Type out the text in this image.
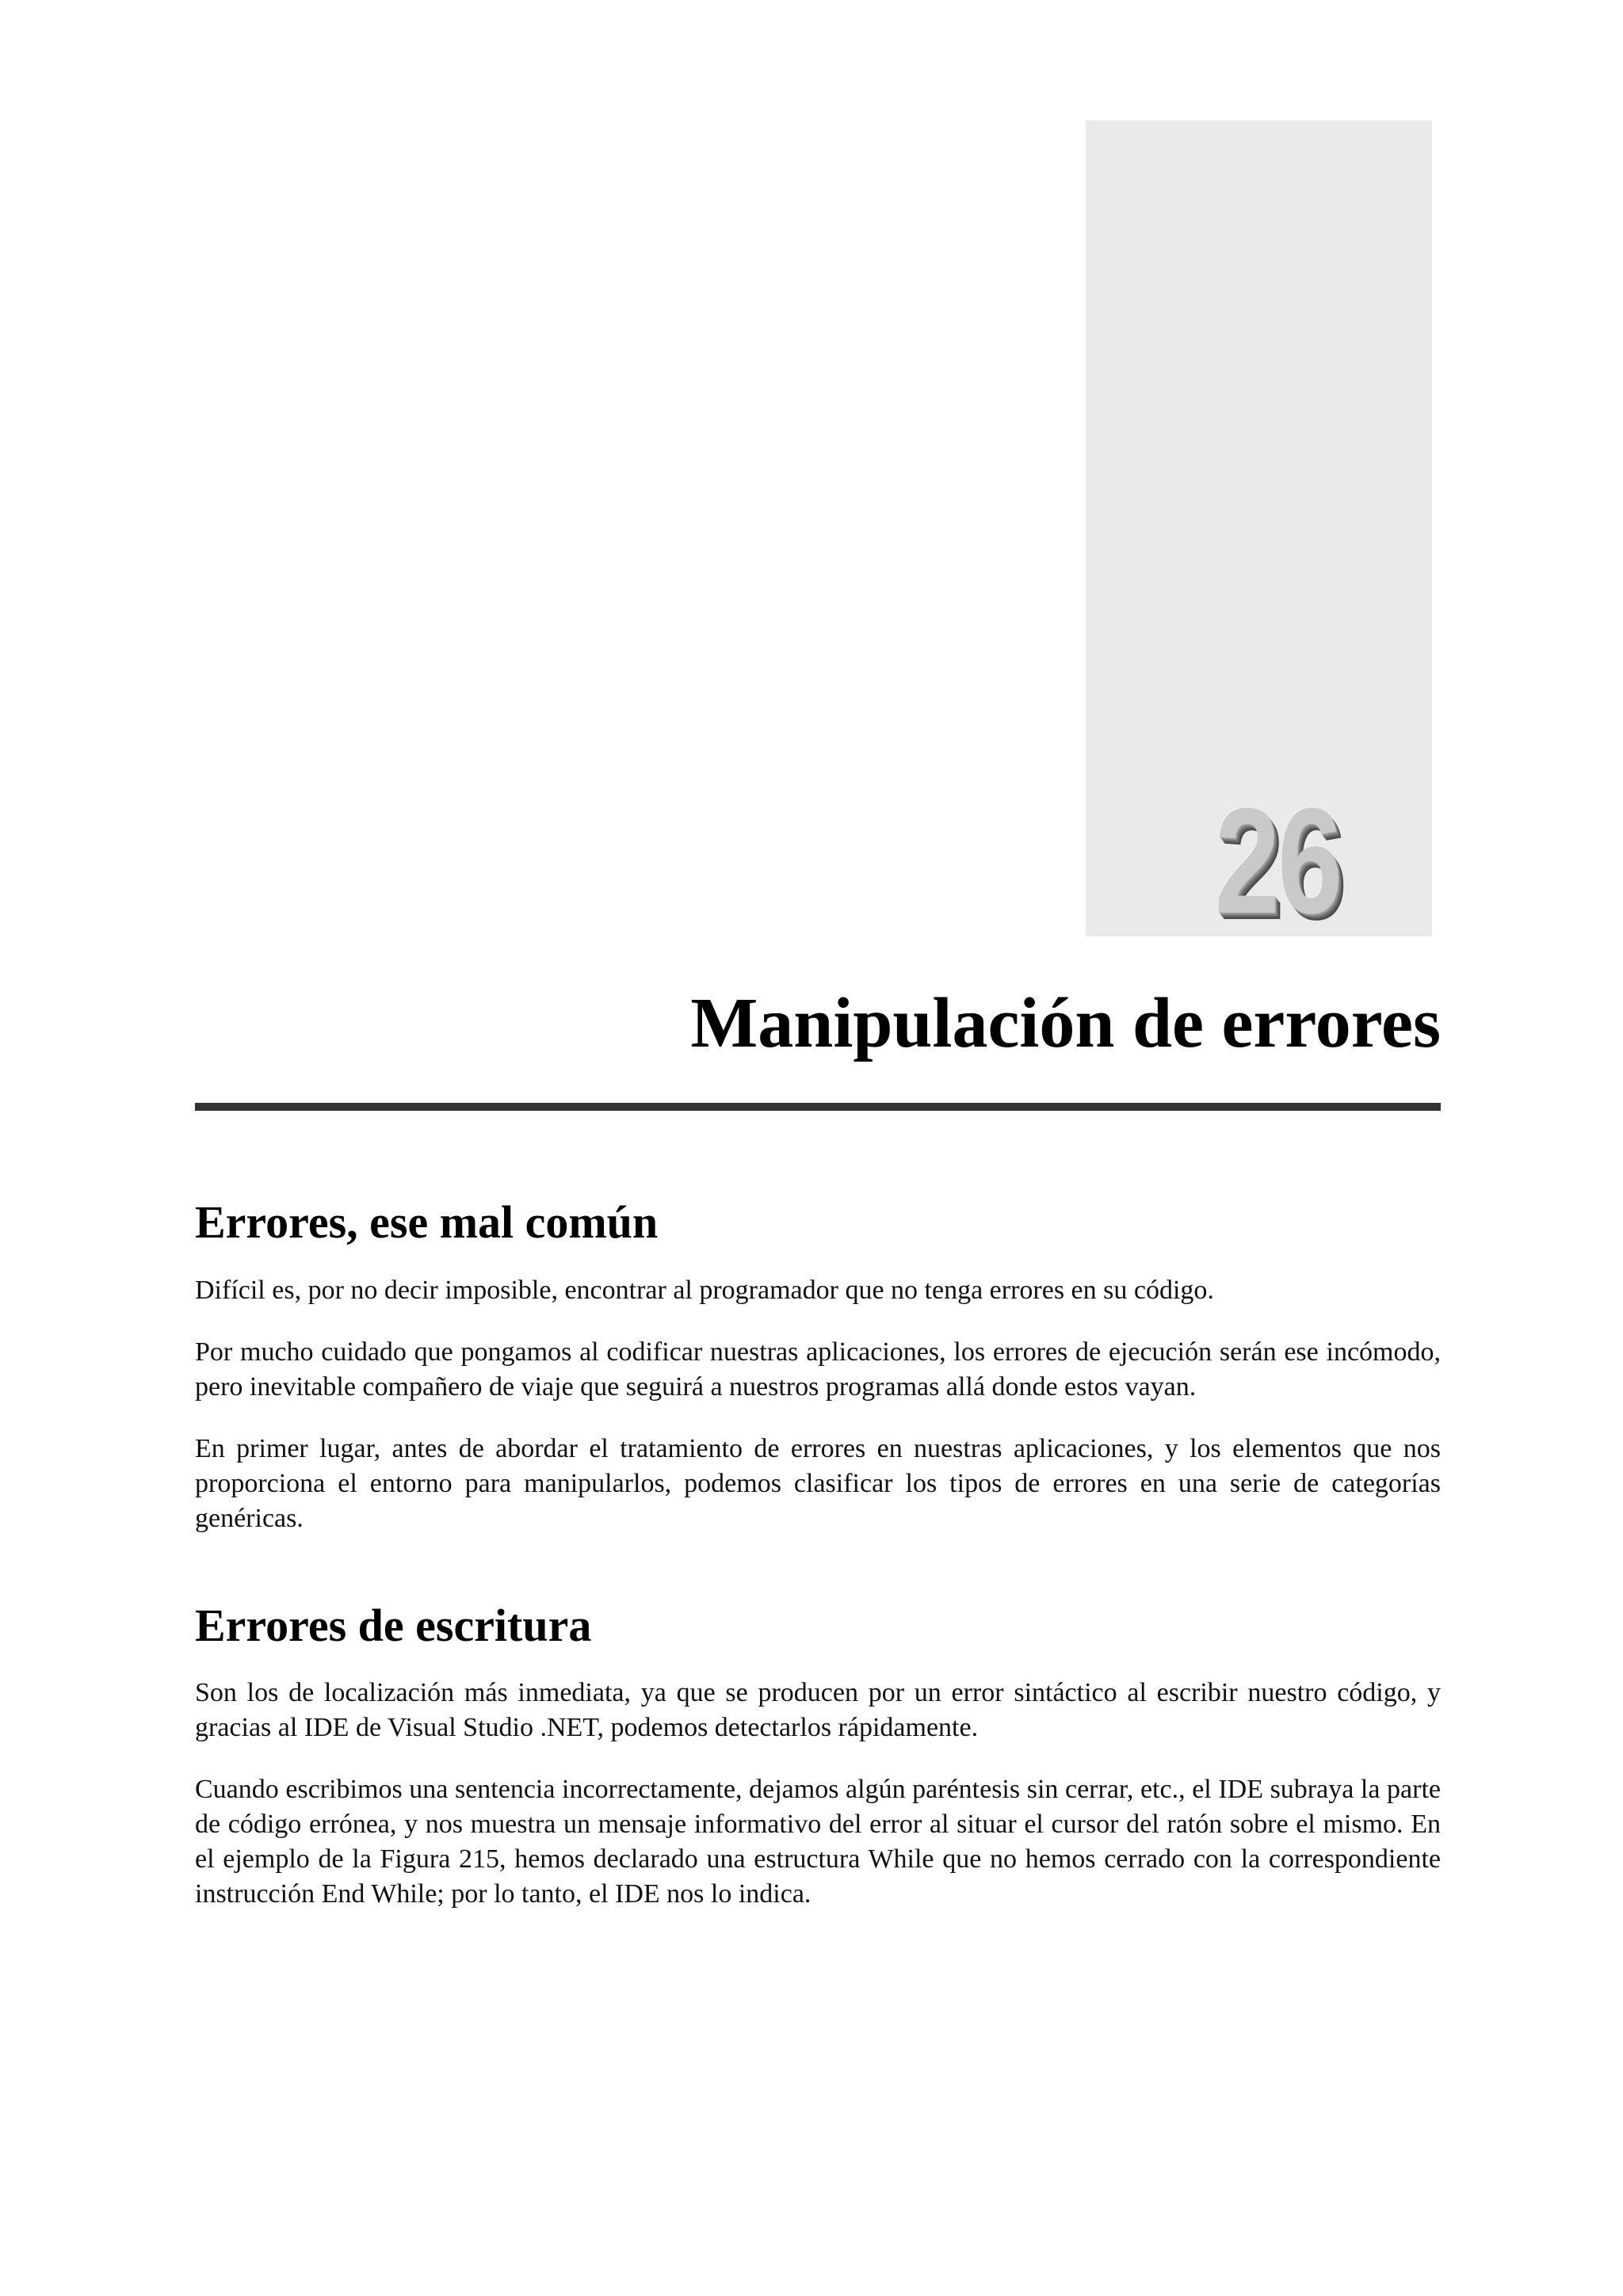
26
Manipulación de errores
Errores, ese mal común

Difícil es, por no decir imposible, encontrar al programador que no tenga errores en su código.

Por mucho cuidado que pongamos al codificar nuestras aplicaciones, los errores de ejecución serán ese incómodo, pero inevitable compañero de viaje que seguirá a nuestros programas allá donde estos vayan.

En primer lugar, antes de abordar el tratamiento de errores en nuestras aplicaciones, y los elementos que nos proporciona el entorno para manipularlos, podemos clasificar los tipos de errores en una serie de categorías genéricas.

Errores de escritura

Son los de localización más inmediata, ya que se producen por un error sintáctico al escribir nuestro código, y gracias al IDE de Visual Studio .NET, podemos detectarlos rápidamente.

Cuando escribimos una sentencia incorrectamente, dejamos algún paréntesis sin cerrar, etc., el IDE subraya la parte de código errónea, y nos muestra un mensaje informativo del error al situar el cursor del ratón sobre el mismo. En el ejemplo de la Figura 215, hemos declarado una estructura While que no hemos cerrado con la correspondiente instrucción End While; por lo tanto, el IDE nos lo indica.
